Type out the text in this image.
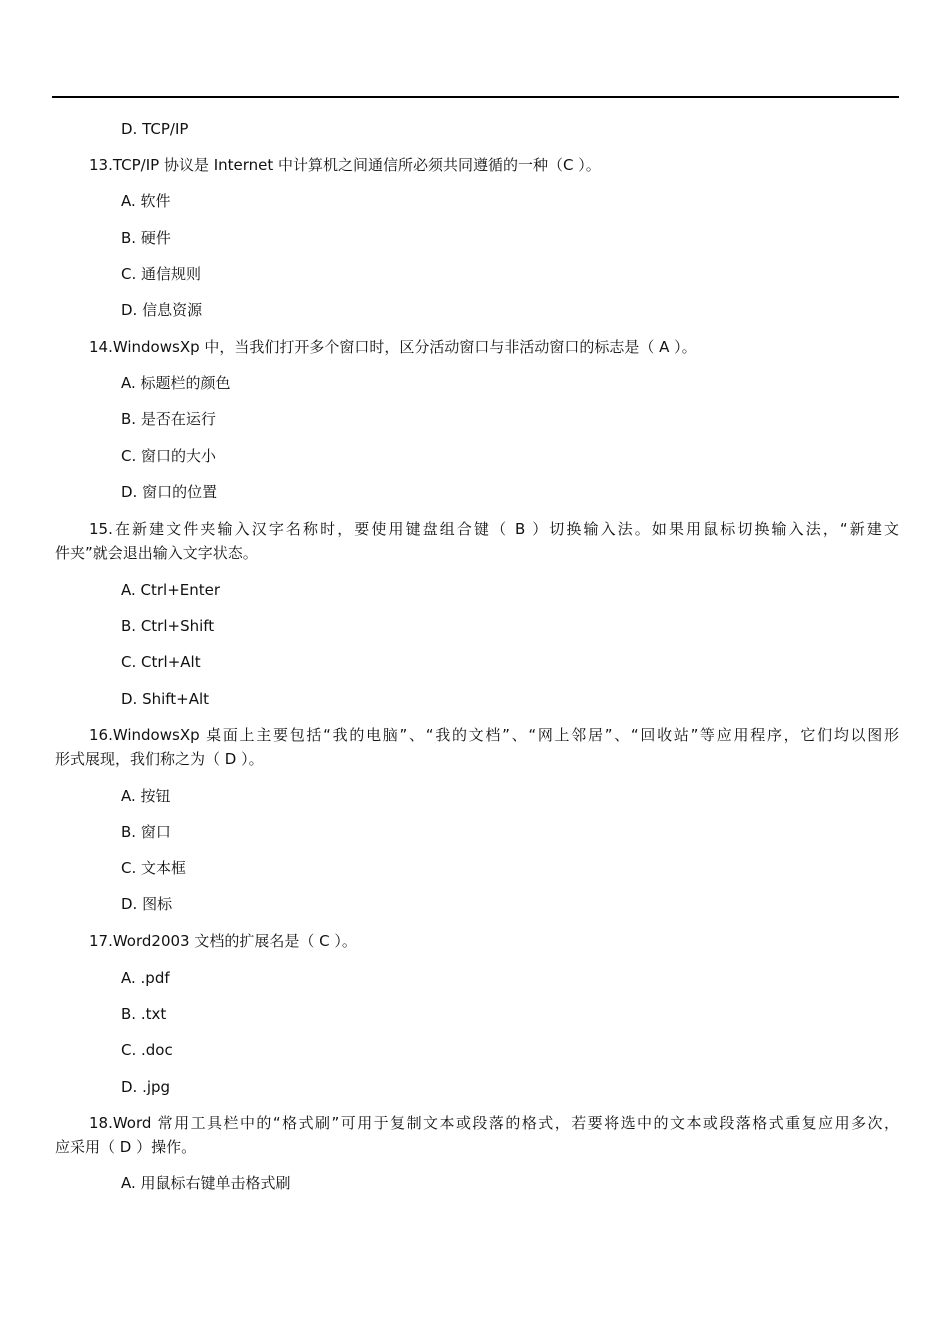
D. TCP/IP
13.TCP/IP 协议是 Internet 中计算机之间通信所必须共同遵循的一种（C ）。
A. 软件
B. 硬件
C. 通信规则
D. 信息资源
14.WindowsXp 中，当我们打开多个窗口时，区分活动窗口与非活动窗口的标志是（ A ）。
A. 标题栏的颜色
B. 是否在运行
C. 窗口的大小
D. 窗口的位置
15.在新建文件夹输入汉字名称时，要使用键盘组合键（ B ）切换输入法。如果用鼠标切换输入法，“新建文
件夹”就会退出输入文字状态。
A. Ctrl+Enter
B. Ctrl+Shift
C. Ctrl+Alt
D. Shift+Alt
16.WindowsXp 桌面上主要包括“我的电脑”、“我的文档”、“网上邻居”、“回收站”等应用程序，它们均以图形
形式展现，我们称之为（ D ）。
A. 按钮
B. 窗口
C. 文本框
D. 图标
17.Word2003 文档的扩展名是（ C ）。
A. .pdf
B. .txt
C. .doc
D. .jpg
18.Word 常用工具栏中的“格式刷”可用于复制文本或段落的格式，若要将选中的文本或段落格式重复应用多次，
应采用（ D ）操作。
A. 用鼠标右键单击格式刷
